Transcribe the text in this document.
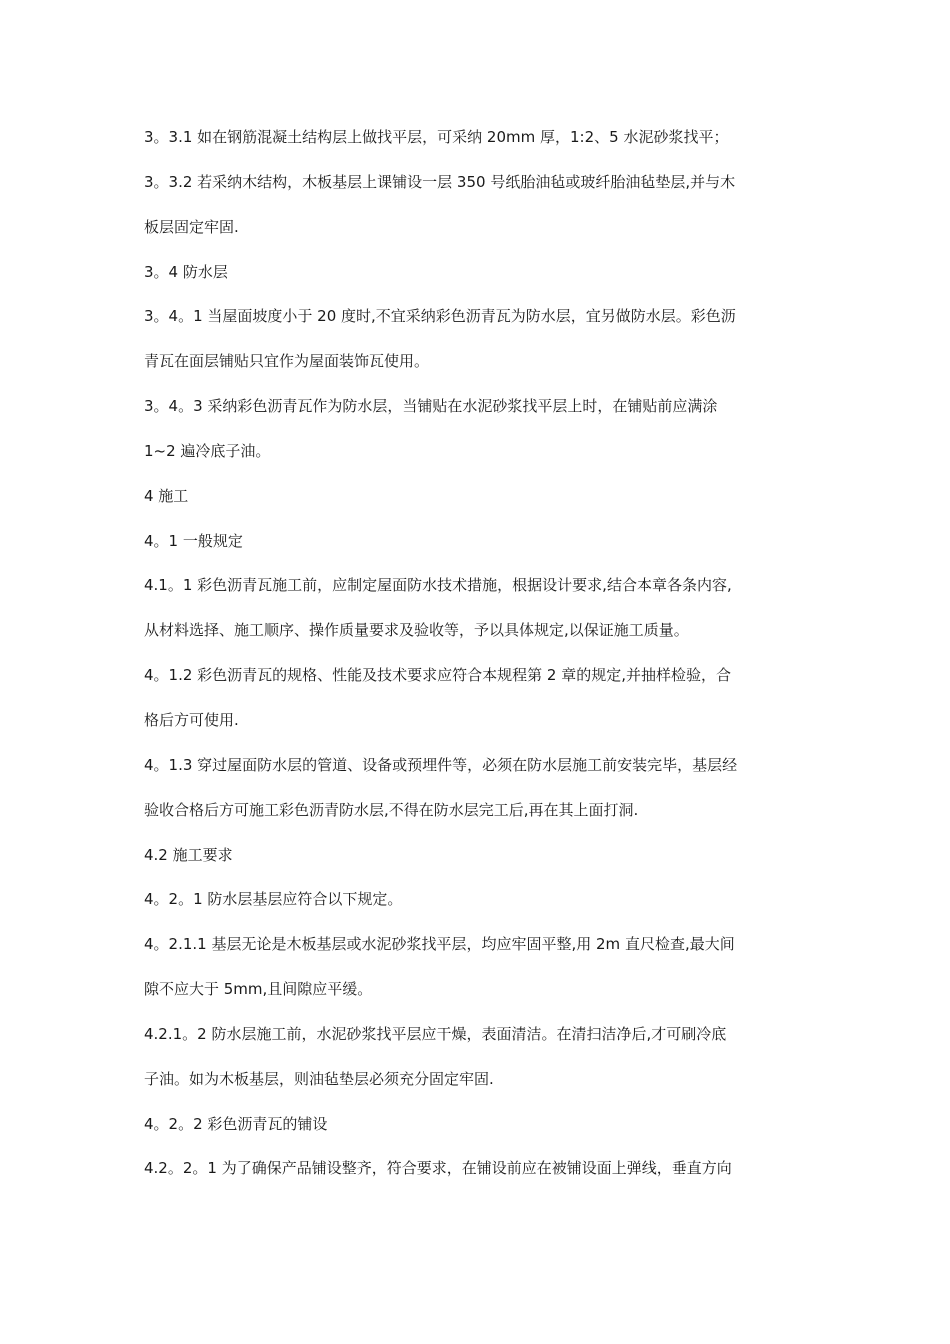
3。3.1 如在钢筋混凝土结构层上做找平层，可采纳 20mm 厚，1:2、5 水泥砂浆找平；
3。3.2 若采纳木结构，木板基层上课铺设一层 350 号纸胎油毡或玻纤胎油毡垫层,并与木
板层固定牢固.
3。4 防水层
3。4。1 当屋面坡度小于 20 度时,不宜采纳彩色沥青瓦为防水层，宜另做防水层。彩色沥
青瓦在面层铺贴只宜作为屋面装饰瓦使用。
3。4。3 采纳彩色沥青瓦作为防水层，当铺贴在水泥砂浆找平层上时，在铺贴前应满涂
1~2 遍冷底子油。
4 施工
4。1 一般规定
4.1。1 彩色沥青瓦施工前，应制定屋面防水技术措施，根据设计要求,结合本章各条内容,
从材料选择、施工顺序、操作质量要求及验收等，予以具体规定,以保证施工质量。
4。1.2 彩色沥青瓦的规格、性能及技术要求应符合本规程第 2 章的规定,并抽样检验，合
格后方可使用.
4。1.3 穿过屋面防水层的管道、设备或预埋件等，必须在防水层施工前安装完毕，基层经
验收合格后方可施工彩色沥青防水层,不得在防水层完工后,再在其上面打洞.
4.2 施工要求
4。2。1 防水层基层应符合以下规定。
4。2.1.1 基层无论是木板基层或水泥砂浆找平层，均应牢固平整,用 2m 直尺检查,最大间
隙不应大于 5mm,且间隙应平缓。
4.2.1。2 防水层施工前，水泥砂浆找平层应干燥，表面清洁。在清扫洁净后,才可刷冷底
子油。如为木板基层，则油毡垫层必须充分固定牢固.
4。2。2 彩色沥青瓦的铺设
4.2。2。1 为了确保产品铺设整齐，符合要求，在铺设前应在被铺设面上弹线，垂直方向
